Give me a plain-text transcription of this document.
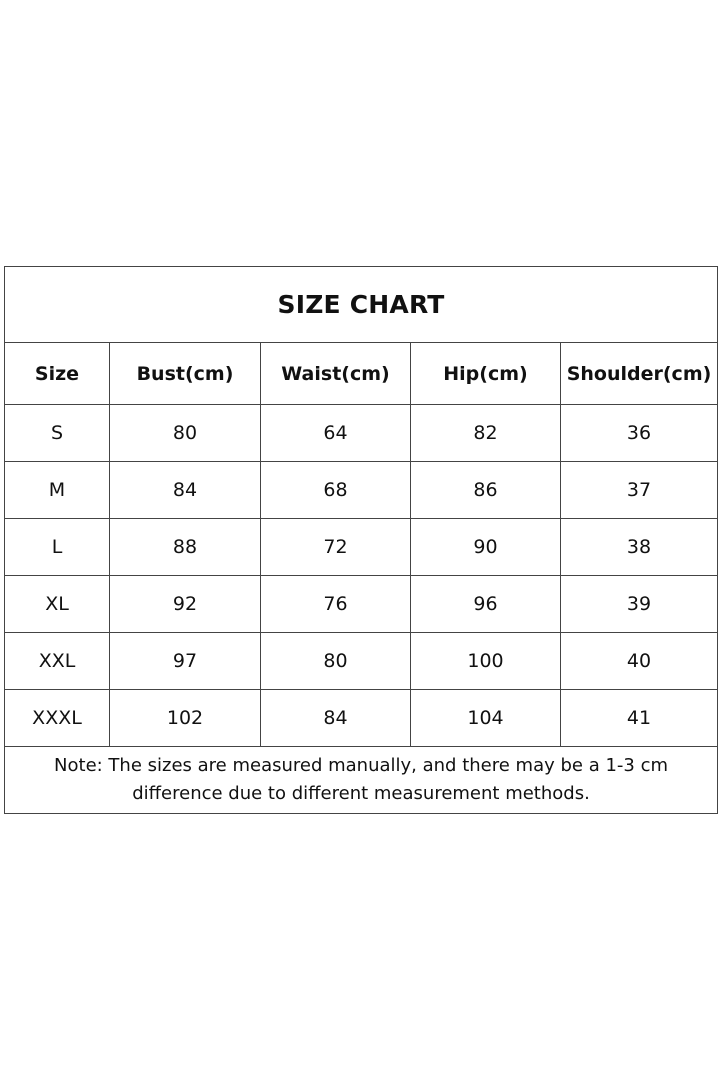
SIZE CHART				
Size	Bust(cm)	Waist(cm)	Hip(cm)	Shoulder(cm)
S	80	64	82	36
M	84	68	86	37
L	88	72	90	38
XL	92	76	96	39
XXL	97	80	100	40
XXXL	102	84	104	41
Note: The sizes are measured manually, and there may be a 1-3 cm difference due to different measurement methods.				
